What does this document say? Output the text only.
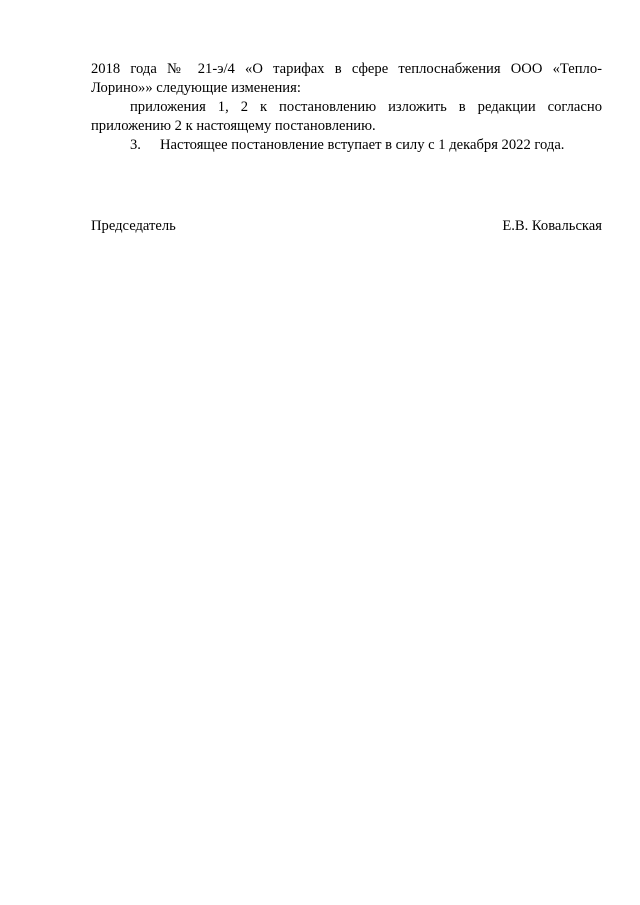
2018 года № 21-э/4 «О тарифах в сфере теплоснабжения ООО «Тепло-
Лорино»» следующие изменения:
приложения 1, 2 к постановлению изложить в редакции согласно
приложению 2 к настоящему постановлению.
3. Настоящее постановление вступает в силу с 1 декабря 2022 года.
Председатель	Е.В. Ковальская
